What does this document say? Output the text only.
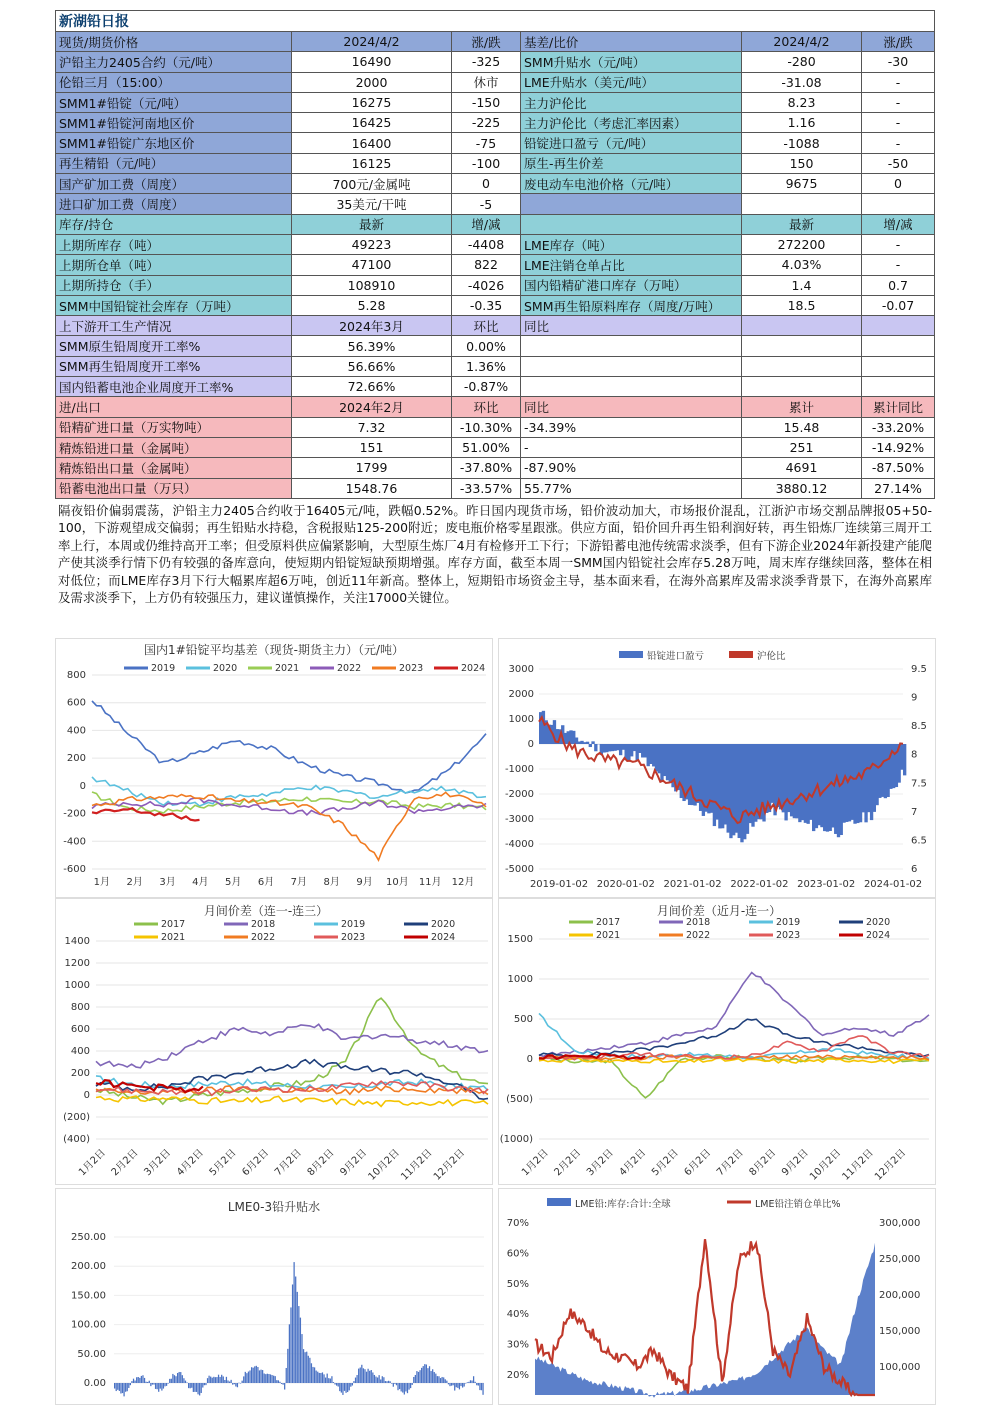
新湖铅日报					
现货/期货价格	2024/4/2	涨/跌	基差/比价	2024/4/2	涨/跌
沪铅主力2405合约（元/吨）	16490	-325	SMM升贴水（元/吨）	-280	-30
伦铅三月（15:00）	2000	休市	LME升贴水（美元/吨）	-31.08	-
SMM1#铅锭（元/吨）	16275	-150	主力沪伦比	8.23	-
SMM1#铅锭河南地区价	16425	-225	主力沪伦比（考虑汇率因素）	1.16	-
SMM1#铅锭广东地区价	16400	-75	铅锭进口盈亏（元/吨）	-1088	-
再生精铅（元/吨）	16125	-100	原生-再生价差	150	-50
国产矿加工费（周度）	700元/金属吨	0	废电动车电池价格（元/吨）	9675	0
进口矿加工费（周度）	35美元/干吨	-5			
库存/持仓	最新	增/减		最新	增/减
上期所库存（吨）	49223	-4408	LME库存（吨）	272200	-
上期所仓单（吨）	47100	822	LME注销仓单占比	4.03%	-
上期所持仓（手）	108910	-4026	国内铅精矿港口库存（万吨）	1.4	0.7
SMM中国铅锭社会库存（万吨）	5.28	-0.35	SMM再生铅原料库存（周度/万吨）	18.5	-0.07
上下游开工生产情况	2024年3月	环比	同比		
SMM原生铅周度开工率%	56.39%	0.00%			
SMM再生铅周度开工率%	56.66%	1.36%			
国内铅蓄电池企业周度开工率%	72.66%	-0.87%			
进/出口	2024年2月	环比	同比	累计	累计同比
铅精矿进口量（万实物吨）	7.32	-10.30%	-34.39%	15.48	-33.20%
精炼铅进口量（金属吨）	151	51.00%	-	251	-14.92%
精炼铅出口量（金属吨）	1799	-37.80%	-87.90%	4691	-87.50%
铅蓄电池出口量（万只）	1548.76	-33.57%	55.77%	3880.12	27.14%
隔夜铅价偏弱震荡，沪铅主力2405合约收于16405元/吨，跌幅0.52%。昨日国内现货市场，铅价波动加大，市场报价混乱，江浙沪市场交割品牌报05+50-100，下游观望成交偏弱；再生铅贴水持稳，含税报贴125-200附近；废电瓶价格零星跟涨。供应方面，铅价回升再生铅利润好转，再生铅炼厂连续第三周开工率上行，本周或仍维持高开工率；但受原料供应偏紧影响，大型原生炼厂4月有检修开工下行；下游铅蓄电池传统需求淡季，但有下游企业2024年新投建产能爬产使其淡季行情下仍有较强的备库意向，使短期内铅锭短缺预期增强。库存方面，截至本周一SMM国内铅锭社会库存5.28万吨，周末库存继续回落，整体在相对低位；而LME库存3月下行大幅累库超6万吨，创近11年新高。整体上，短期铅市场资金主导，基本面来看，在海外高累库及需求淡季背景下，在海外高累库及需求淡季下，上方仍有较强压力，建议谨慎操作，关注17000关键位。
800
600
400
200
0
-200
-400
-600
1月 2月 3月 4月 5月 6月 7月 8月 9月 10月 11月 12月
国内1#铅锭平均基差（现货-期货主力）（元/吨）
2019	2020	2021	2022	2023	2024 3000
2000
1000
0
-1000
-2000
-3000
-4000
-5000
9.5
9
8.5
8
7.5
7
6.5
6
2019-01-02 2020-01-02 2021-01-02 2022-01-02 2023-01-02 2024-01-02
铅锭进口盈亏	沪伦比
1400
1200
1000
800
600
400
200
0
(200)
(400)
1月2日 2月2日 3月2日 4月2日 5月2日 6月2日 7月2日 8月2日 9月2日
10月2日
11月2日
12月2日
月间价差（连一-连三）
2017	2018	2019	2020
2021	2022	2023	2024	1500
1000
500
0
(500)
(1000)
1月2日 2月2日 3月2日 4月2日 5月2日 6月2日 7月2日 8月2日 9月2日
10月2日
11月2日
12月2日
月间价差（近月-连一）
2017	2018	2019	2020
2021	2022	2023	2024
250.00
200.00
150.00
100.00
50.00
0.00
LME0-3铅升贴水
70%
60%
50%
40%
30%
20%
300,000
250,000
200,000
150,000
100,000
LME铅:库存:合计:全球	LME铅注销仓单比%
